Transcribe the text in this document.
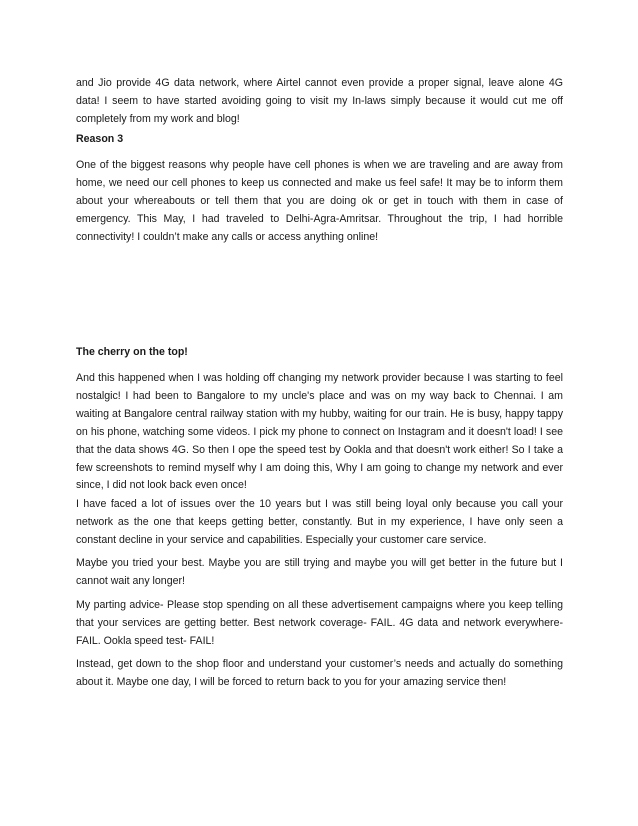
and Jio provide 4G data network, where Airtel cannot even provide a proper signal, leave alone 4G data! I seem to have started avoiding going to visit my In-laws simply because it would cut me off completely from my work and blog!

Reason 3

One of the biggest reasons why people have cell phones is when we are traveling and are away from home, we need our cell phones to keep us connected and make us feel safe! It may be to inform them about your whereabouts or tell them that you are doing ok or get in touch with them in case of emergency. This May, I had traveled to Delhi-Agra-Amritsar. Throughout the trip, I had horrible connectivity! I couldn’t make any calls or access anything online!

The cherry on the top!

And this happened when I was holding off changing my network provider because I was starting to feel nostalgic! I had been to Bangalore to my uncle's place and was on my way back to Chennai. I am waiting at Bangalore central railway station with my hubby, waiting for our train. He is busy, happy tappy on his phone, watching some videos. I pick my phone to connect on Instagram and it doesn't load! I see that the data shows 4G. So then I ope the speed test by Ookla and that doesn't work either! So I take a few screenshots to remind myself why I am doing this, Why I am going to change my network and ever since, I did not look back even once!

I have faced a lot of issues over the 10 years but I was still being loyal only because you call your network as the one that keeps getting better, constantly. But in my experience, I have only seen a constant decline in your service and capabilities. Especially your customer care service.

Maybe you tried your best. Maybe you are still trying and maybe you will get better in the future but I cannot wait any longer!

My parting advice- Please stop spending on all these advertisement campaigns where you keep telling that your services are getting better. Best network coverage- FAIL. 4G data and network everywhere- FAIL. Ookla speed test- FAIL!

Instead, get down to the shop floor and understand your customer’s needs and actually do something about it. Maybe one day, I will be forced to return back to you for your amazing service then!
